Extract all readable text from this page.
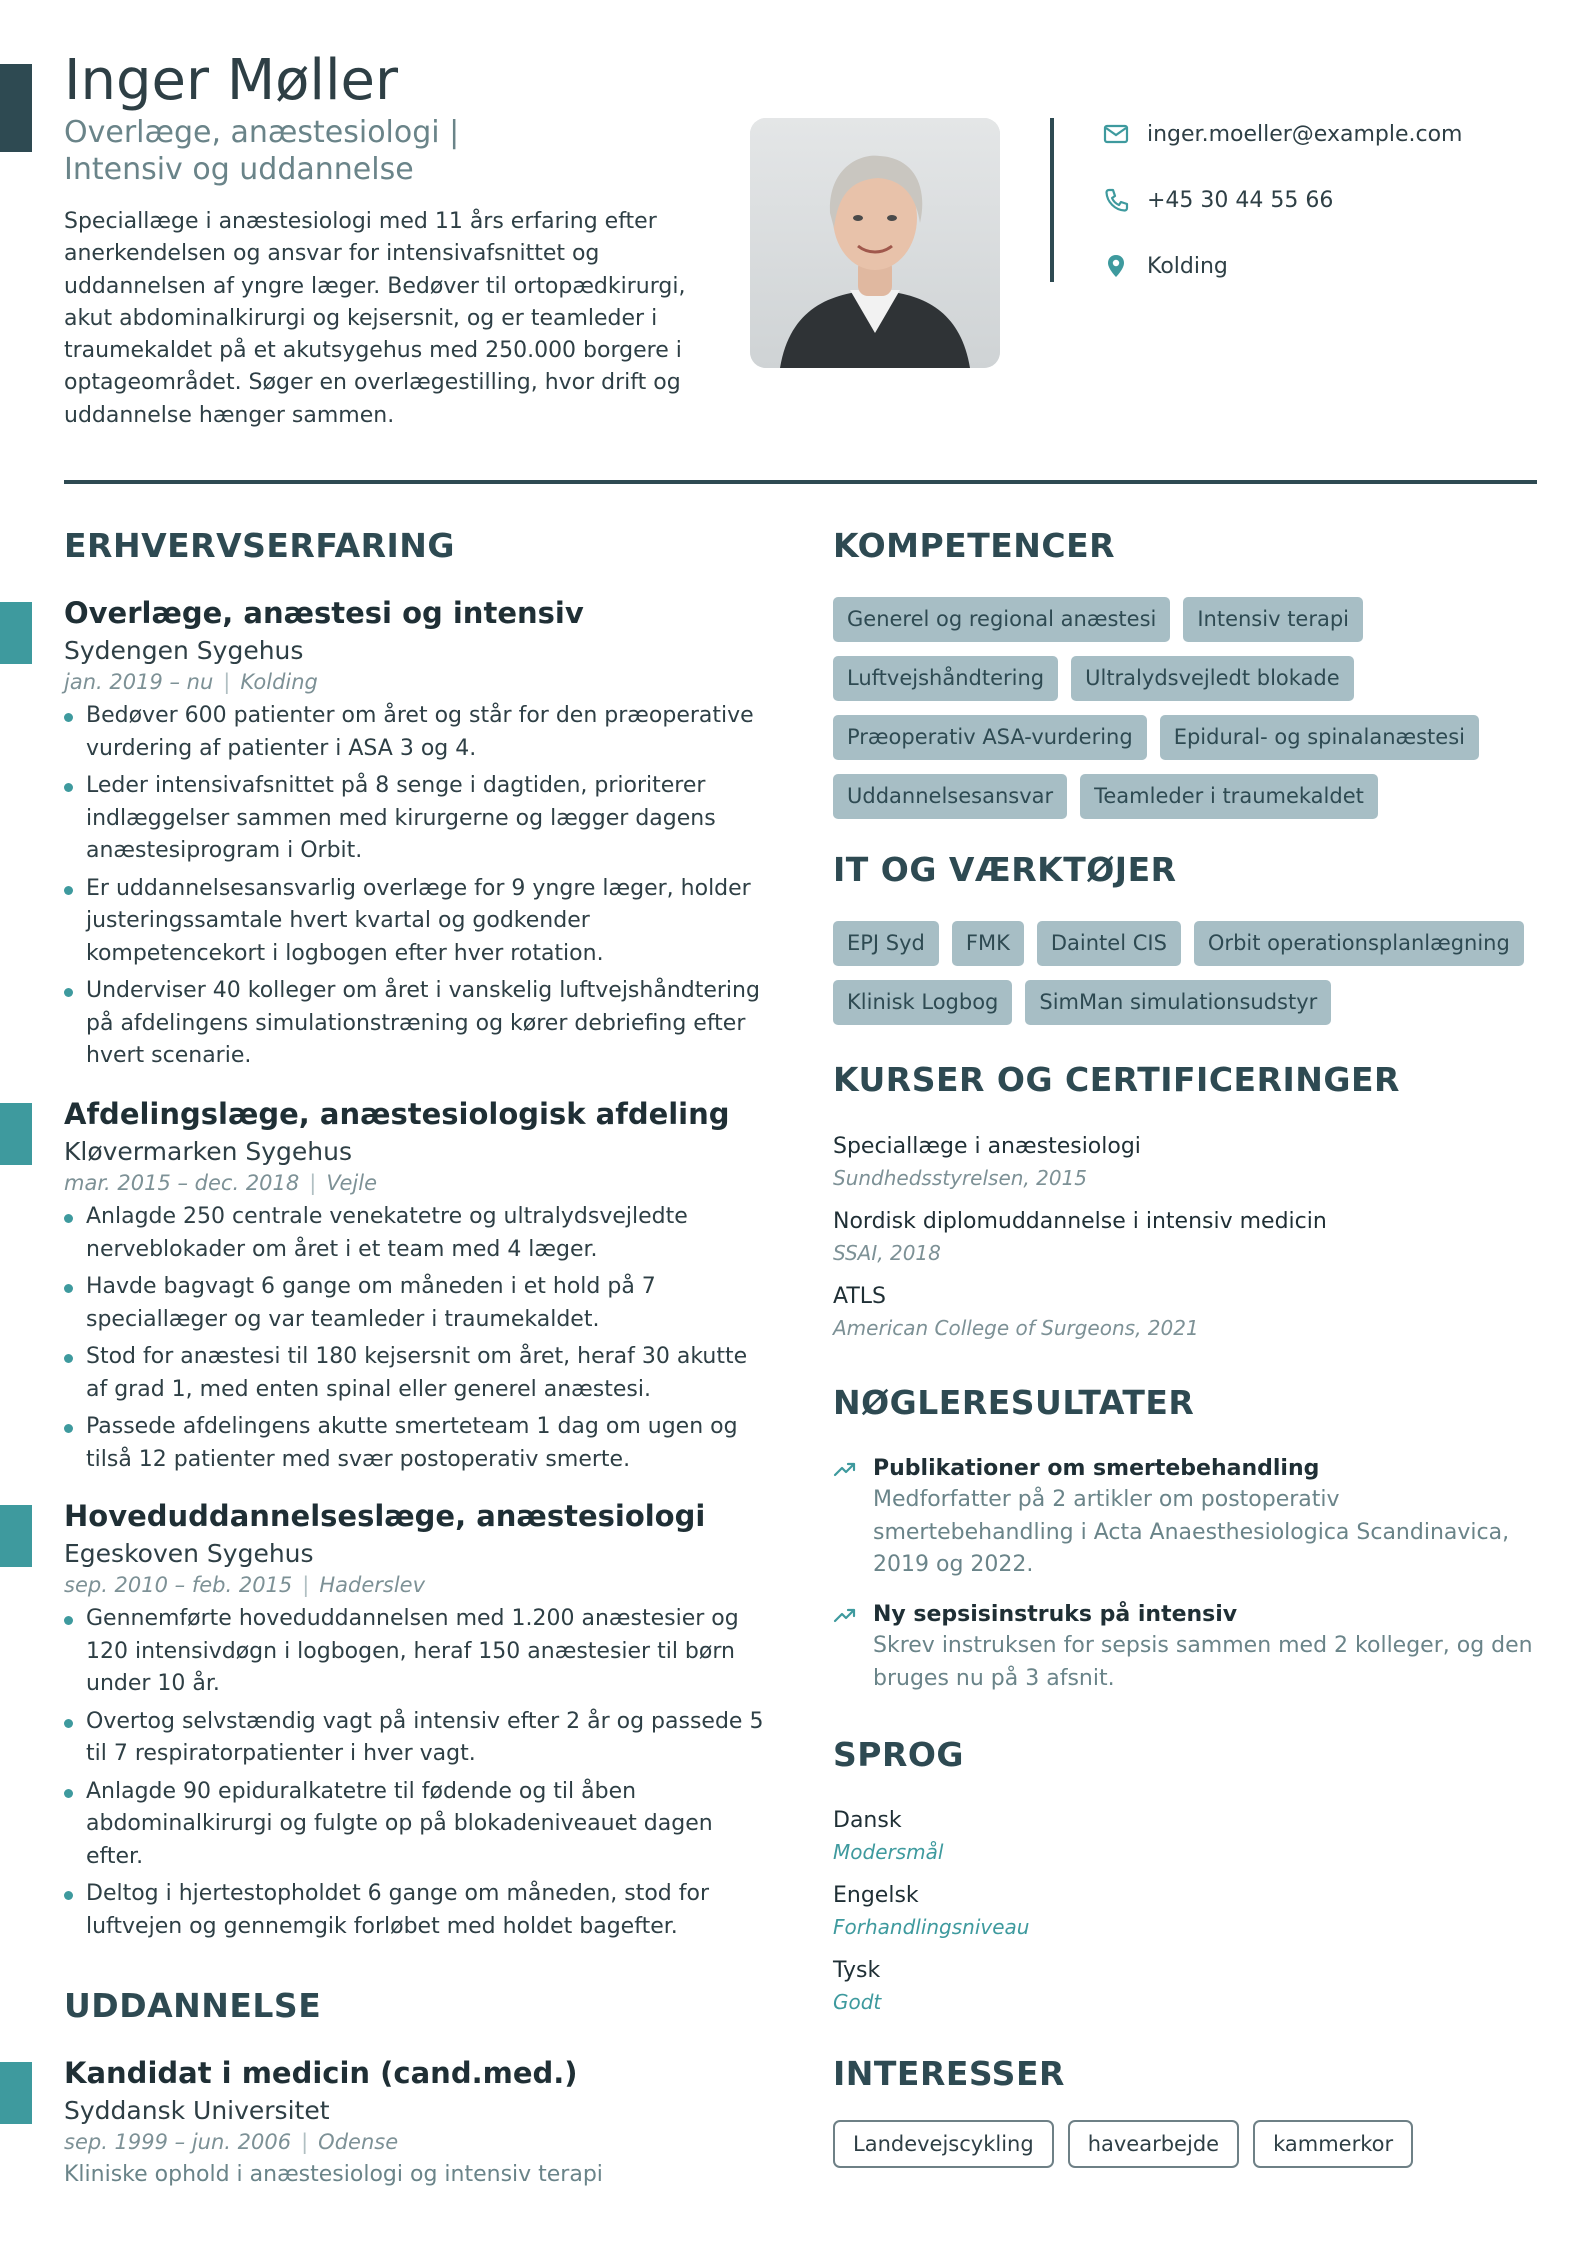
Inger Møller
Overlæge, anæstesiologi | Intensiv og uddannelse

Speciallæge i anæstesiologi med 11 års erfaring efter anerkendelsen og ansvar for intensivafsnittet og uddannelsen af yngre læger. Bedøver til ortopædkirurgi, akut abdominalkirurgi og kejsersnit, og er teamleder i traumekaldet på et akutsygehus med 250.000 borgere i optageområdet. Søger en overlægestilling, hvor drift og uddannelse hænger sammen.

inger.moeller@example.com
+45 30 44 55 66
Kolding
ERHVERVSERFARING
Overlæge, anæstesi og intensiv
Sydengen Sygehus
jan. 2019 – nu | Kolding
Bedøver 600 patienter om året og står for den præoperative vurdering af patienter i ASA 3 og 4.
Leder intensivafsnittet på 8 senge i dagtiden, prioriterer indlæggelser sammen med kirurgerne og lægger dagens anæstesiprogram i Orbit.
Er uddannelsesansvarlig overlæge for 9 yngre læger, holder justeringssamtale hvert kvartal og godkender kompetencekort i logbogen efter hver rotation.
Underviser 40 kolleger om året i vanskelig luftvejshåndtering på afdelingens simulationstræning og kører debriefing efter hvert scenarie.
Afdelingslæge, anæstesiologisk afdeling
Kløvermarken Sygehus
mar. 2015 – dec. 2018 | Vejle
Anlagde 250 centrale venekatetre og ultralydsvejledte nerveblokader om året i et team med 4 læger.
Havde bagvagt 6 gange om måneden i et hold på 7 speciallæger og var teamleder i traumekaldet.
Stod for anæstesi til 180 kejsersnit om året, heraf 30 akutte af grad 1, med enten spinal eller generel anæstesi.
Passede afdelingens akutte smerteteam 1 dag om ugen og tilså 12 patienter med svær postoperativ smerte.
Hoveduddannelseslæge, anæstesiologi
Egeskoven Sygehus
sep. 2010 – feb. 2015 | Haderslev
Gennemførte hoveduddannelsen med 1.200 anæstesier og 120 intensivdøgn i logbogen, heraf 150 anæstesier til børn under 10 år.
Overtog selvstændig vagt på intensiv efter 2 år og passede 5 til 7 respiratorpatienter i hver vagt.
Anlagde 90 epiduralkatetre til fødende og til åben abdominalkirurgi og fulgte op på blokadeniveauet dagen efter.
Deltog i hjertestopholdet 6 gange om måneden, stod for luftvejen og gennemgik forløbet med holdet bagefter.
UDDANNELSE
Kandidat i medicin (cand.med.)
Syddansk Universitet
sep. 1999 – jun. 2006 | Odense
Kliniske ophold i anæstesiologi og intensiv terapi
KOMPETENCER
Generel og regional anæstesi	Intensiv terapi
Luftvejshåndtering	Ultralydsvejledt blokade
Præoperativ ASA-vurdering	Epidural- og spinalanæstesi
Uddannelsesansvar	Teamleder i traumekaldet
IT OG VÆRKTØJER
EPJ Syd	FMK	Daintel CIS	Orbit operationsplanlægning
Klinisk Logbog	SimMan simulationsudstyr
KURSER OG CERTIFICERINGER
Speciallæge i anæstesiologi
Sundhedsstyrelsen, 2015
Nordisk diplomuddannelse i intensiv medicin
SSAI, 2018
ATLS
American College of Surgeons, 2021
NØGLERESULTATER
Publikationer om smertebehandling
Medforfatter på 2 artikler om postoperativ smertebehandling i Acta Anaesthesiologica Scandinavica, 2019 og 2022.
Ny sepsisinstruks på intensiv
Skrev instruksen for sepsis sammen med 2 kolleger, og den bruges nu på 3 afsnit.
SPROG
Dansk
Modersmål
Engelsk
Forhandlingsniveau
Tysk
Godt
INTERESSER
Landevejscykling	havearbejde	kammerkor
